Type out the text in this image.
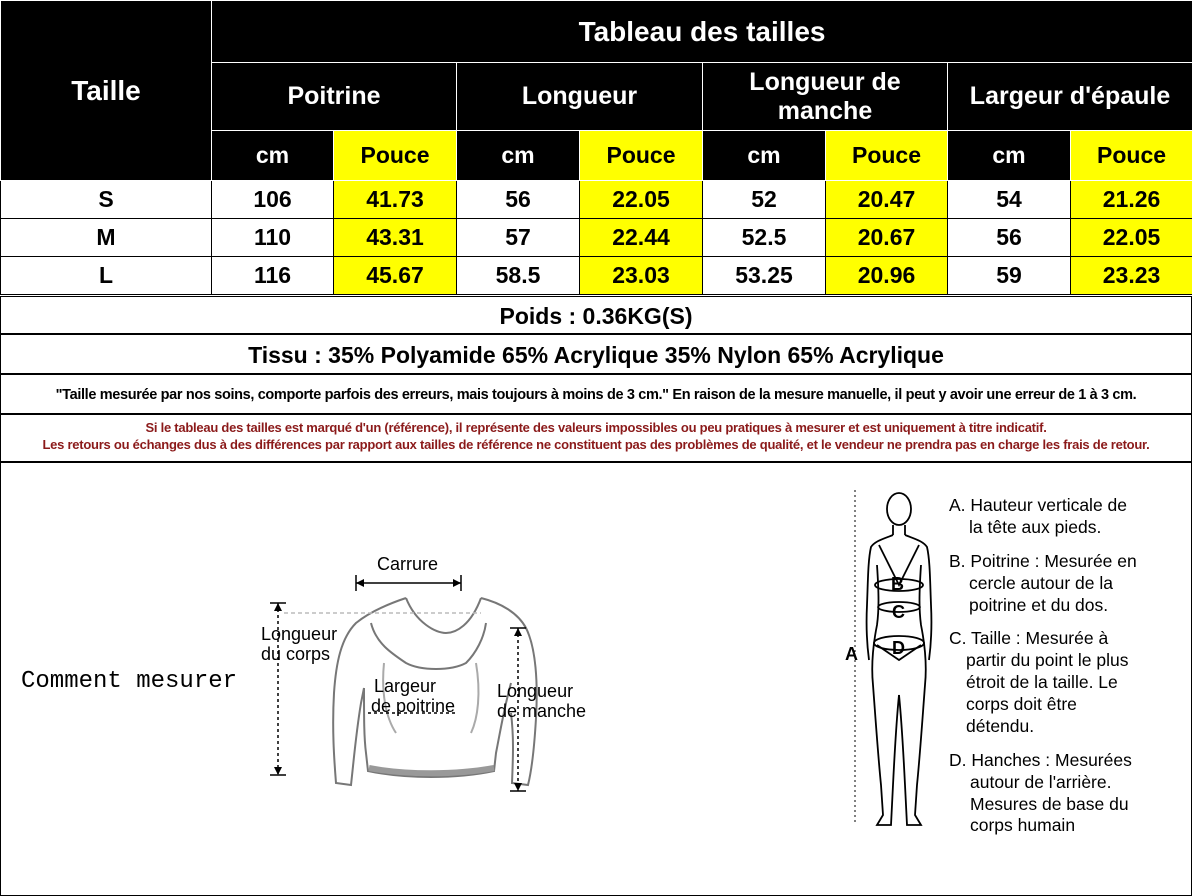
Taille	Tableau des tailles							
	Poitrine		Longueur		Longueur de manche		Largeur d'épaule	
	cm	Pouce	cm	Pouce	cm	Pouce	cm	Pouce
S	106	41.73	56	22.05	52	20.47	54	21.26
M	110	43.31	57	22.44	52.5	20.67	56	22.05
L	116	45.67	58.5	23.03	53.25	20.96	59	23.23
Poids : 0.36KG(S)
Tissu : 35% Polyamide 65% Acrylique 35% Nylon 65% Acrylique
"Taille mesurée par nos soins, comporte parfois des erreurs, mais toujours à moins de 3 cm." En raison de la mesure manuelle, il peut y avoir une erreur de 1 à 3 cm.
Si le tableau des tailles est marqué d'un (référence), il représente des valeurs impossibles ou peu pratiques à mesurer et est uniquement à titre indicatif.
Les retours ou échanges dus à des différences par rapport aux tailles de référence ne constituent pas des problèmes de qualité, et le vendeur ne prendra pas en charge les frais de retour.
Comment mesurer
Carrure
Longueur
du corps
Largeur
de poitrine
Longueur
de manche
B
C
A D
A. Hauteur verticale de
la tête aux pieds.
B. Poitrine : Mesurée en
cercle autour de la poitrine et du dos.
C. Taille : Mesurée à
partir du point le plus étroit de la taille. Le corps doit être détendu.
D. Hanches : Mesurées
autour de l'arrière. Mesures de base du corps humain
